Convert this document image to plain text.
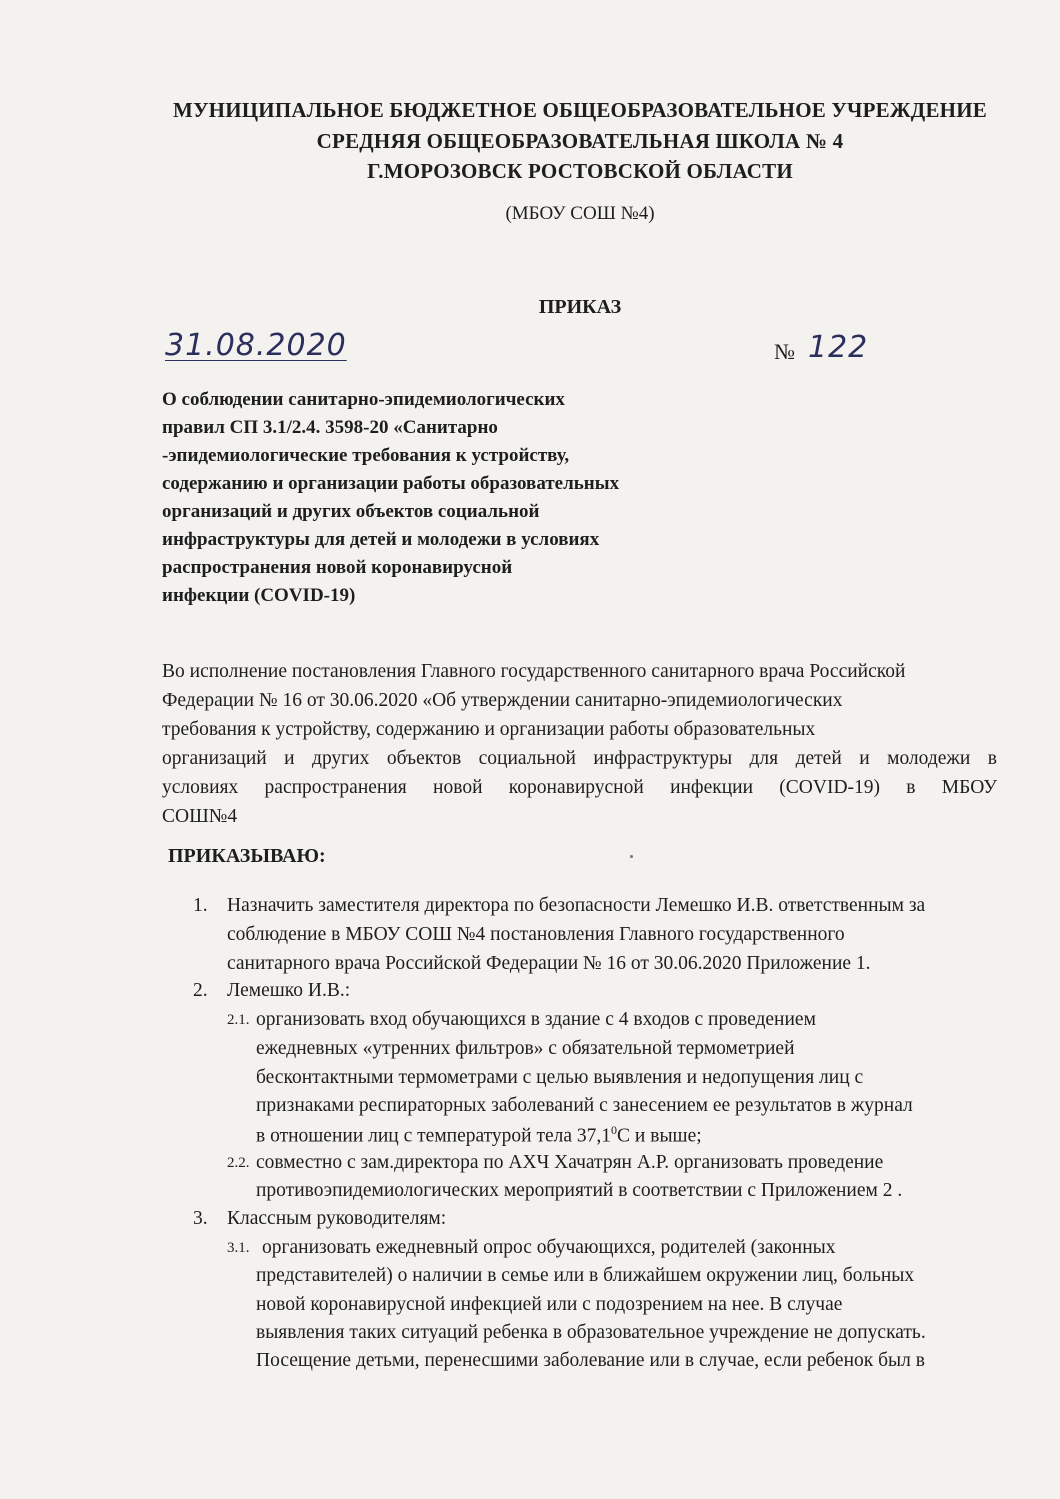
МУНИЦИПАЛЬНОЕ БЮДЖЕТНОЕ ОБЩЕОБРАЗОВАТЕЛЬНОЕ УЧРЕЖДЕНИЕ
СРЕДНЯЯ ОБЩЕОБРАЗОВАТЕЛЬНАЯ ШКОЛА № 4
Г.МОРОЗОВСК РОСТОВСКОЙ ОБЛАСТИ
(МБОУ СОШ №4)
ПРИКАЗ
31.08.2020	№ 122
О соблюдении санитарно-эпидемиологических
правил СП 3.1/2.4. 3598-20 «Санитарно
-эпидемиологические требования к устройству,
содержанию и организации работы образовательных
организаций и других объектов социальной
инфраструктуры для детей и молодежи в условиях
распространения новой коронавирусной
инфекции (COVID-19)
Во исполнение постановления Главного государственного санитарного врача Российской
Федерации № 16 от 30.06.2020 «Об утверждении санитарно-эпидемиологических
требования к устройству, содержанию и организации работы образовательных
организаций и других объектов социальной инфраструктуры для детей и молодежи в
условиях распространения новой коронавирусной инфекции (COVID-19) в МБОУ
СОШ№4
ПРИКАЗЫВАЮ:
1. Назначить заместителя директора по безопасности Лемешко И.В. ответственным за
соблюдение в МБОУ СОШ №4 постановления Главного государственного
санитарного врача Российской Федерации № 16 от 30.06.2020 Приложение 1.
2. Лемешко И.В.:
2.1. организовать вход обучающихся в здание с 4 входов с проведением
ежедневных «утренних фильтров» с обязательной термометрией
бесконтактными термометрами с целью выявления и недопущения лиц с
признаками респираторных заболеваний с занесением ее результатов в журнал
в отношении лиц с температурой тела 37,1$^0$С и выше;
2.2. совместно с зам.директора по АХЧ Хачатрян А.Р. организовать проведение
противоэпидемиологических мероприятий в соответствии с Приложением 2 .
3. Классным руководителям:
3.1. организовать ежедневный опрос обучающихся, родителей (законных
представителей) о наличии в семье или в ближайшем окружении лиц, больных
новой коронавирусной инфекцией или с подозрением на нее. В случае
выявления таких ситуаций ребенка в образовательное учреждение не допускать.
Посещение детьми, перенесшими заболевание или в случае, если ребенок был в
